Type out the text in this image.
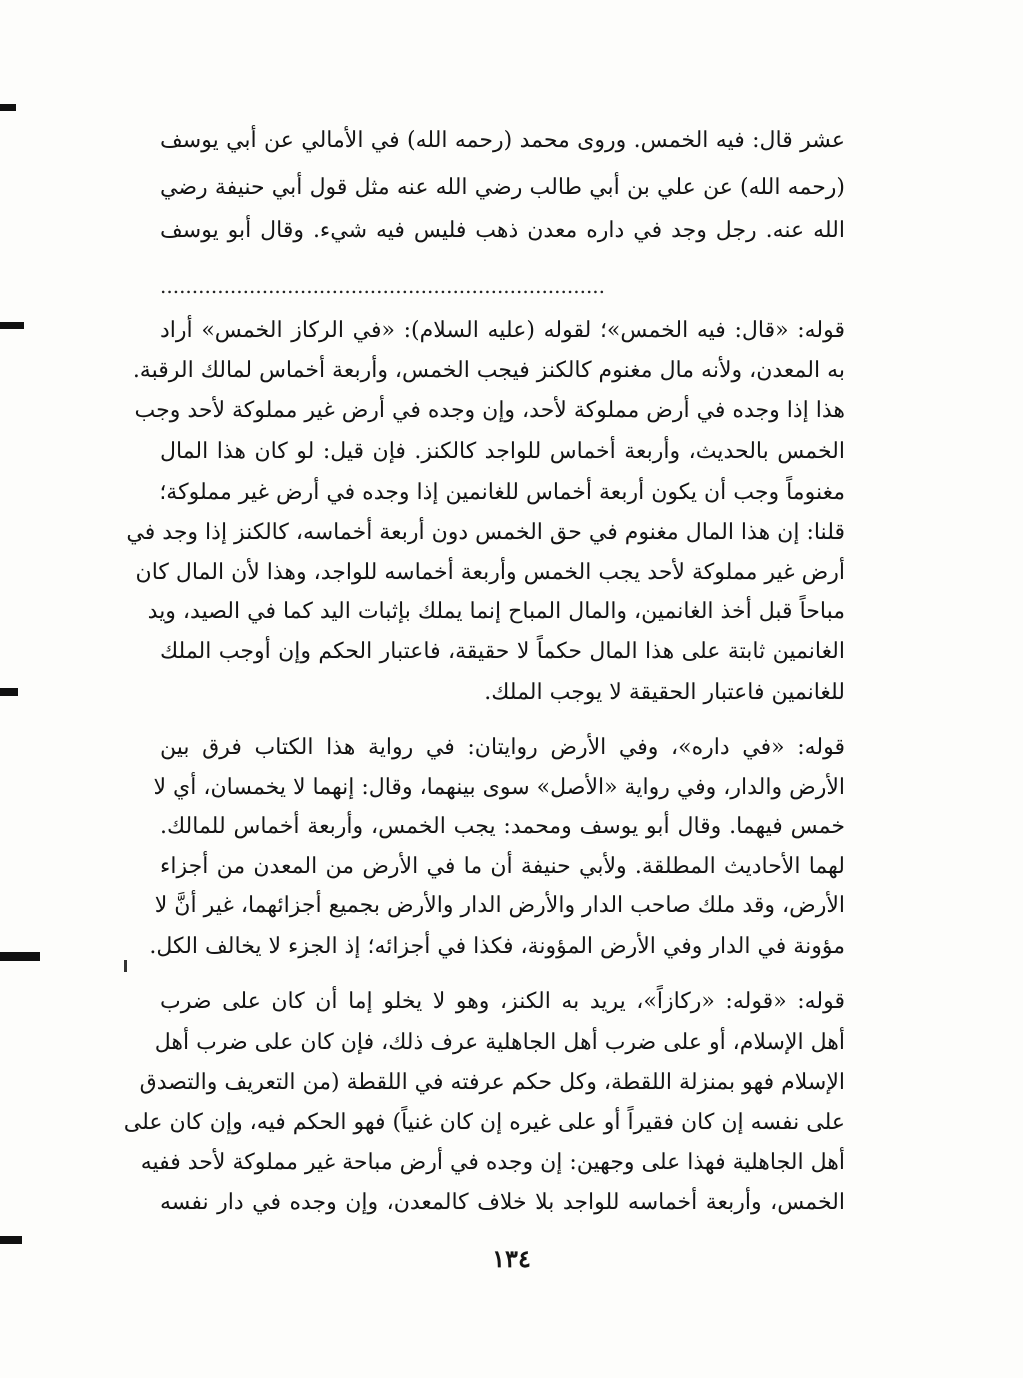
عشر قال: فيه الخمس. وروى محمد (رحمه الله) في الأمالي عن أبي يوسف
(رحمه الله) عن علي بن أبي طالب رضي الله عنه مثل قول أبي حنيفة رضي
الله عنه. رجل وجد في داره معدن ذهب فليس فيه شيء. وقال أبو يوسف
......................................................................
قوله: «قال: فيه الخمس»؛ لقوله (عليه السلام): «في الركاز الخمس» أراد
به المعدن، ولأنه مال مغنوم كالكنز فيجب الخمس، وأربعة أخماس لمالك الرقبة.
هذا إذا وجده في أرض مملوكة لأحد، وإن وجده في أرض غير مملوكة لأحد وجب
الخمس بالحديث، وأربعة أخماس للواجد كالكنز. فإن قيل: لو كان هذا المال
مغنوماً وجب أن يكون أربعة أخماس للغانمين إذا وجده في أرض غير مملوكة؛
قلنا: إن هذا المال مغنوم في حق الخمس دون أربعة أخماسه، كالكنز إذا وجد في
أرض غير مملوكة لأحد يجب الخمس وأربعة أخماسه للواجد، وهذا لأن المال كان
مباحاً قبل أخذ الغانمين، والمال المباح إنما يملك بإثبات اليد كما في الصيد، ويد
الغانمين ثابتة على هذا المال حكماً لا حقيقة، فاعتبار الحكم وإن أوجب الملك
للغانمين فاعتبار الحقيقة لا يوجب الملك.
قوله: «في داره»، وفي الأرض روايتان: في رواية هذا الكتاب فرق بين
الأرض والدار، وفي رواية «الأصل» سوى بينهما، وقال: إنهما لا يخمسان، أي لا
خمس فيهما. وقال أبو يوسف ومحمد: يجب الخمس، وأربعة أخماس للمالك.
لهما الأحاديث المطلقة. ولأبي حنيفة أن ما في الأرض من المعدن من أجزاء
الأرض، وقد ملك صاحب الدار والأرض الدار والأرض بجميع أجزائهما، غير أنَّ لا
مؤونة في الدار وفي الأرض المؤونة، فكذا في أجزائه؛ إذ الجزء لا يخالف الكل.
قوله: «قوله: «ركازاً»، يريد به الكنز، وهو لا يخلو إما أن كان على ضرب
أهل الإسلام، أو على ضرب أهل الجاهلية عرف ذلك، فإن كان على ضرب أهل
الإسلام فهو بمنزلة اللقطة، وكل حكم عرفته في اللقطة (من التعريف والتصدق
على نفسه إن كان فقيراً أو على غيره إن كان غنياً) فهو الحكم فيه، وإن كان على
أهل الجاهلية فهذا على وجهين: إن وجده في أرض مباحة غير مملوكة لأحد ففيه
الخمس، وأربعة أخماسه للواجد بلا خلاف كالمعدن، وإن وجده في دار نفسه
١٣٤
